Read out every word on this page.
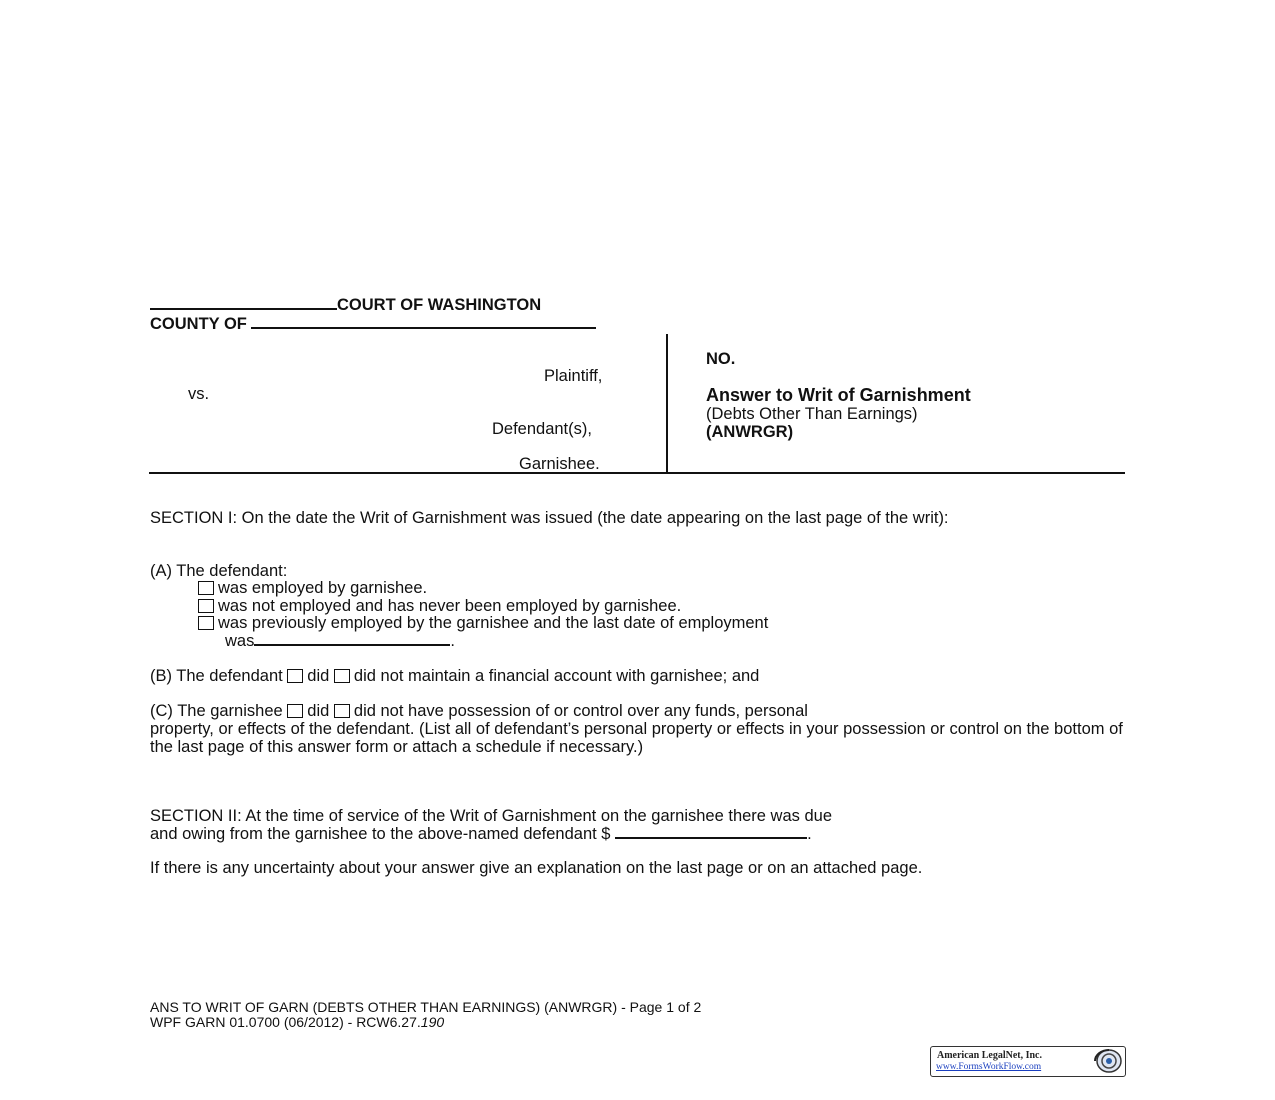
COURT OF WASHINGTON
COUNTY OF
Plaintiff,
vs.
Defendant(s),
Garnishee.
NO.
Answer to Writ of Garnishment
(Debts Other Than Earnings)
(ANWRGR)
SECTION I: On the date the Writ of Garnishment was issued (the date appearing on the last page of the writ):
(A) The defendant:
was employed by garnishee.
was not employed and has never been employed by garnishee.
was previously employed by the garnishee and the last date of employment
was	.
(B) The defendant did did not maintain a financial account with garnishee; and
(C) The garnishee did did not have possession of or control over any funds, personal
property, or effects of the defendant. (List all of defendant’s personal property or effects in your possession or control on the bottom of the last page of this answer form or attach a schedule if necessary.)
SECTION II: At the time of service of the Writ of Garnishment on the garnishee there was due
and owing from the garnishee to the above-named defendant $	.
If there is any uncertainty about your answer give an explanation on the last page or on an attached page.
ANS TO WRIT OF GARN (DEBTS OTHER THAN EARNINGS) (ANWRGR) - Page 1 of 2
WPF GARN 01.0700 (06/2012) - RCW6.27.190
American LegalNet, Inc.
www.FormsWorkFlow.com
